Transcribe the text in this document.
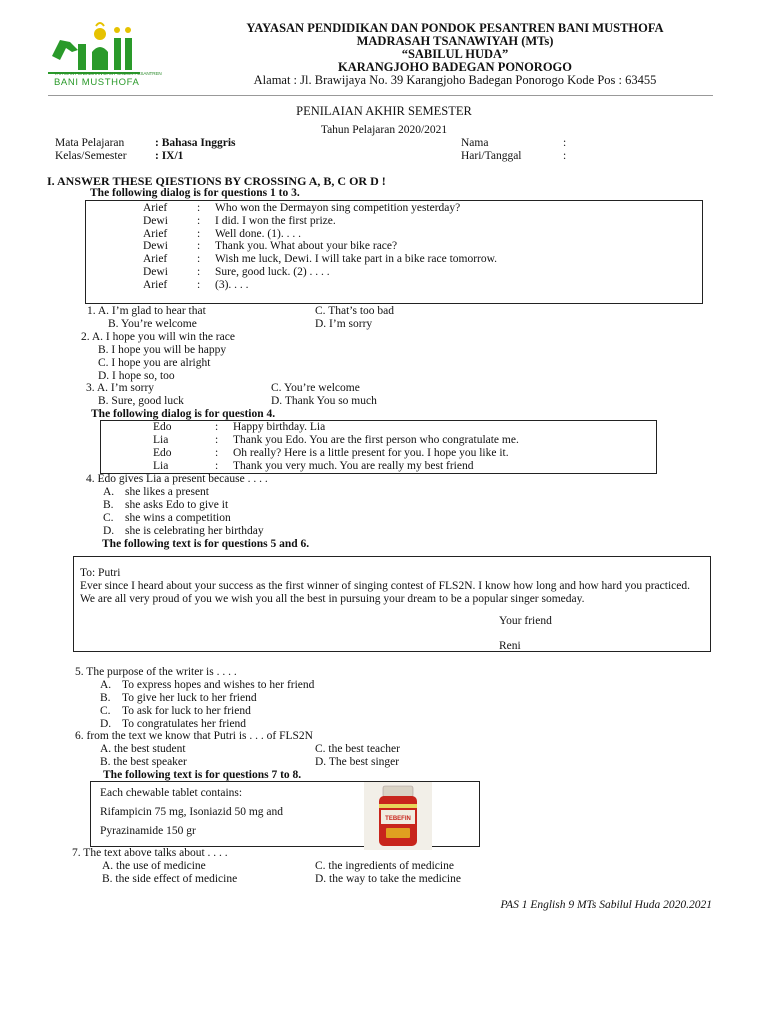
YAYASAN PENDIDIKAN DAN PONDOK PESANTREN
BANI MUSTHOFA
YAYASAN PENDIDIKAN DAN PONDOK PESANTREN BANI MUSTHOFA
MADRASAH TSANAWIYAH (MTs)
“SABILUL HUDA”
KARANGJOHO BADEGAN PONOROGO
Alamat : Jl. Brawijaya No. 39 Karangjoho Badegan Ponorogo Kode Pos : 63455
PENILAIAN AKHIR SEMESTER
Tahun Pelajaran 2020/2021
Mata Pelajaran	: Bahasa Inggris
Kelas/Semester : IX/1
Nama	:
Hari/Tanggal	:
I. ANSWER THESE QIESTIONS BY CROSSING A, B, C OR D !
The following dialog is for questions 1 to 3.
Arief	: Who won the Dermayon sing competition yesterday?
Dewi	: I did. I won the first prize.
Arief	: Well done. (1). . . .
Dewi	: Thank you. What about your bike race?
Arief	: Wish me luck, Dewi. I will take part in a bike race tomorrow.
Dewi	: Sure, good luck. (2) . . . .
Arief	: (3). . . .
1. A. I’m glad to hear that	C. That’s too bad
B. You’re welcome	D. I’m sorry
2. A. I hope you will win the race
B. I hope you will be happy
C. I hope you are alright
D. I hope so, too
3. A. I’m sorry	C. You’re welcome
B. Sure, good luck	D. Thank You so much
The following dialog is for question 4.
Edo	: Happy birthday. Lia
Lia	: Thank you Edo. You are the first person who congratulate me.
Edo	: Oh really? Here is a little present for you. I hope you like it.
Lia	: Thank you very much. You are really my best friend
4. Edo gives Lia a present because . . . .
A. she likes a present
B. she asks Edo to give it
C. she wins a competition
D. she is celebrating her birthday
The following text is for questions 5 and 6.
To: Putri
Ever since I heard about your success as the first winner of singing contest of FLS2N. I know how long and how hard you practiced. We are all very proud of you we wish you all the best in pursuing your dream to be a popular singer someday.
Your friend
Reni
5. The purpose of the writer is . . . .
A. To express hopes and wishes to her friend
B. To give her luck to her friend
C. To ask for luck to her friend
D. To congratulates her friend
6. from the text we know that Putri is . . . of FLS2N
A. the best student	C. the best teacher
B. the best speaker	D. The best singer
The following text is for questions 7 to 8.
Each chewable tablet contains:
Rifampicin 75 mg, Isoniazid 50 mg and
Pyrazinamide 150 gr
TEBEFIN
7. The text above talks about . . . .
A. the use of medicine	C. the ingredients of medicine
B. the side effect of medicine	D. the way to take the medicine
PAS 1 English 9 MTs Sabilul Huda 2020.2021
